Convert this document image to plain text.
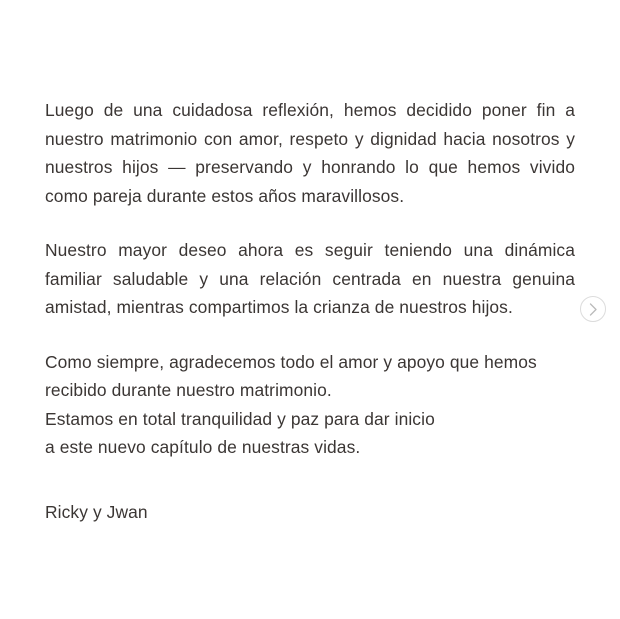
Luego de una cuidadosa reflexión, hemos decidido poner fin a nuestro matrimonio con amor, respeto y dignidad hacia nosotros y nuestros hijos — preservando y honrando lo que hemos vivido como pareja durante estos años maravillosos.

Nuestro mayor deseo ahora es seguir teniendo una dinámica familiar saludable y una relación centrada en nuestra genuina amistad, mientras compartimos la crianza de nuestros hijos.

Como siempre, agradecemos todo el amor y apoyo que hemos recibido durante nuestro matrimonio.
Estamos en total tranquilidad y paz para dar inicio
a este nuevo capítulo de nuestras vidas.

Ricky y Jwan
